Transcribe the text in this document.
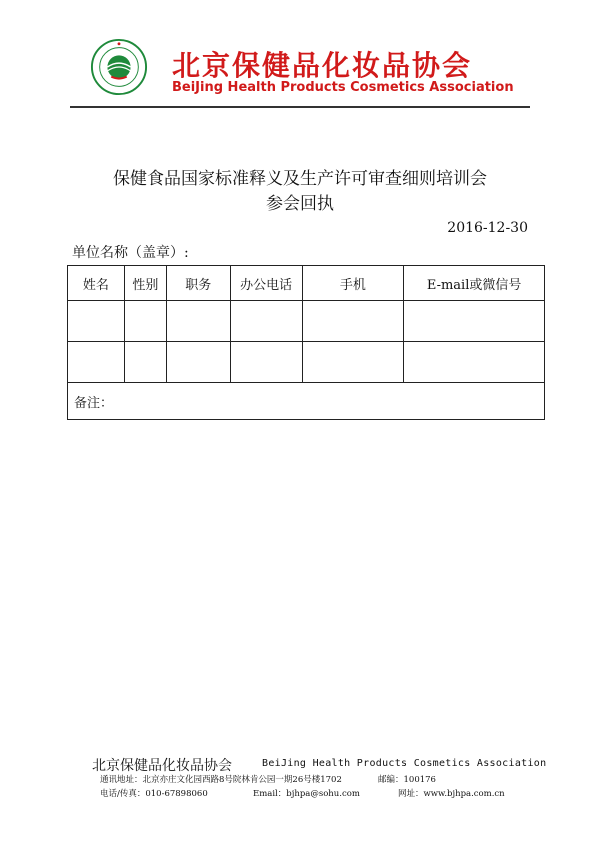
北京保健品化妆品协会
BeiJing Health Products Cosmetics Association
保健食品国家标准释义及生产许可审查细则培训会
参会回执
2016-12-30
单位名称（盖章）:
姓名	性别	职务	办公电话	手机	E-mail或微信号

备注：					
北京保健品化妆品协会	BeiJing Health Products Cosmetics Association
通讯地址：北京亦庄文化园西路8号院林肯公园一期26号楼1702	邮编：100176
电话/传真：010-67898060	Email：bjhpa@sohu.com	网址：www.bjhpa.com.cn
